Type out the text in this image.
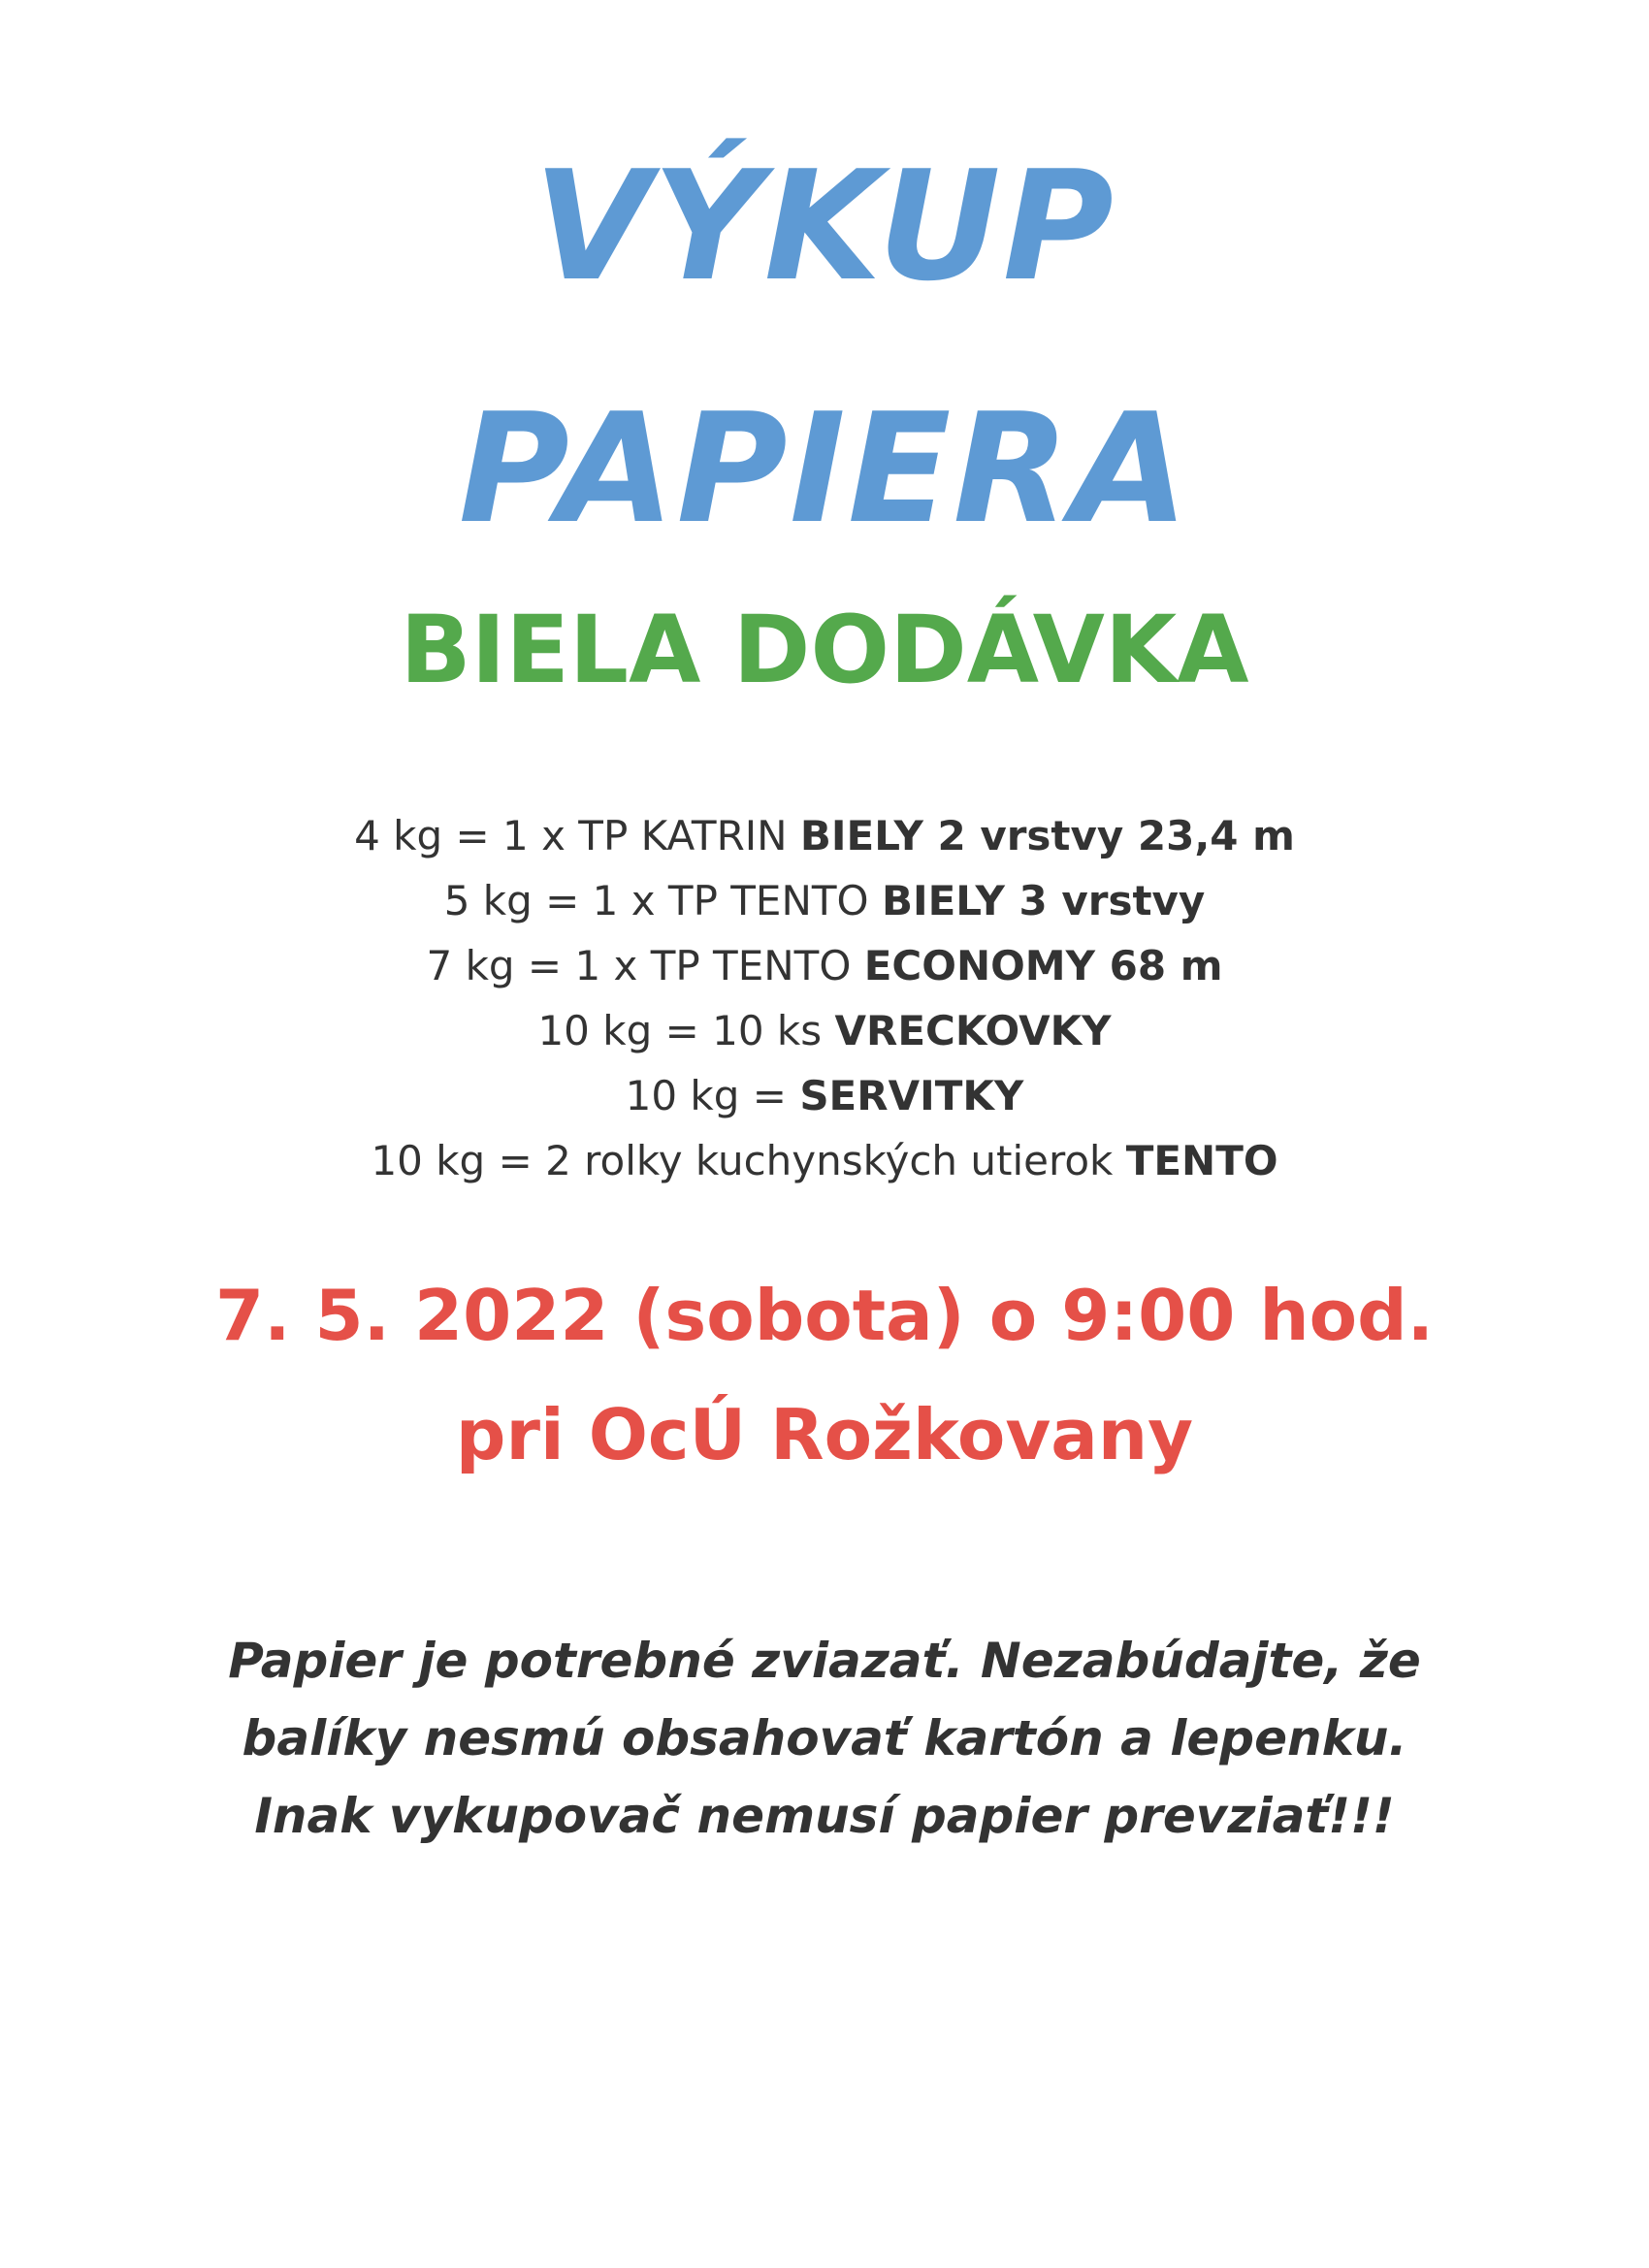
VÝKUP
PAPIERA
BIELA DODÁVKA
4 kg = 1 x TP KATRIN BIELY 2 vrstvy 23,4 m
5 kg = 1 x TP TENTO BIELY 3 vrstvy
7 kg = 1 x TP TENTO ECONOMY 68 m
10 kg = 10 ks VRECKOVKY
10 kg = SERVITKY
10 kg = 2 rolky kuchynských utierok TENTO
7. 5. 2022 (sobota) o 9:00 hod.
pri OcÚ Rožkovany
Papier je potrebné zviazať. Nezabúdajte, že
balíky nesmú obsahovať kartón a lepenku.
Inak vykupovač nemusí papier prevziať!!!
